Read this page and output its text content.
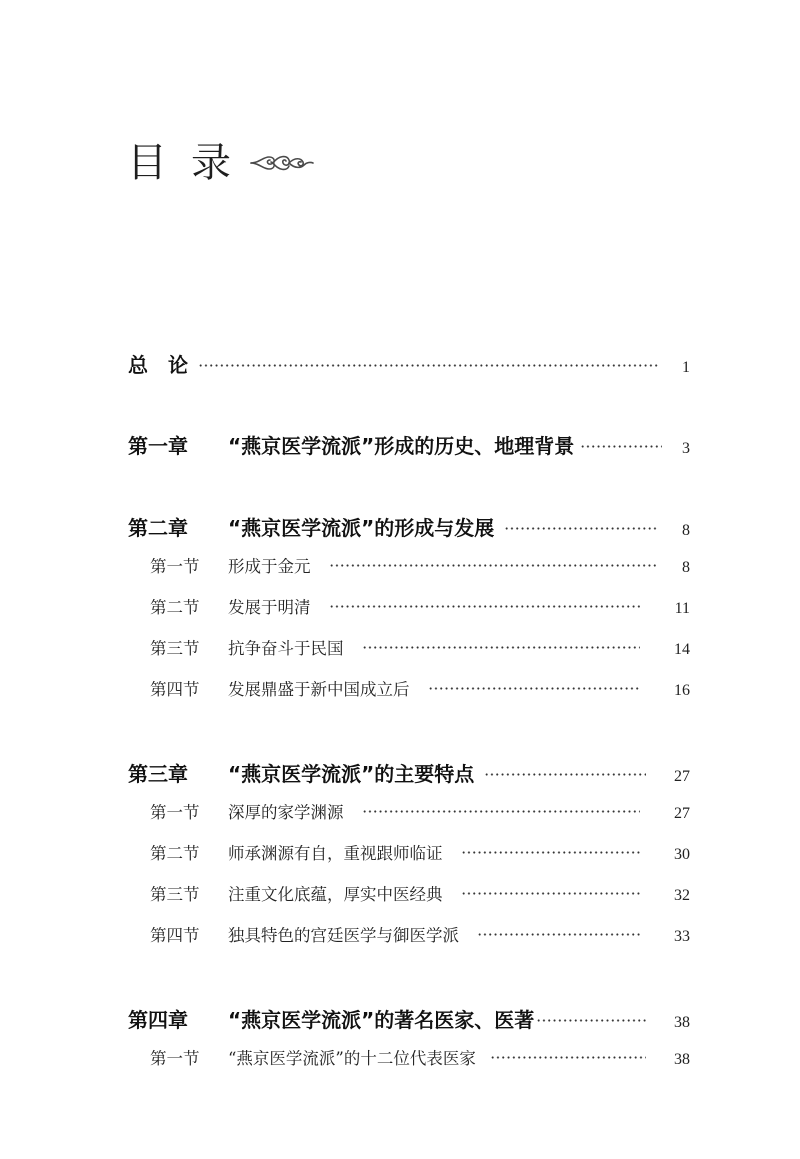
目录
总　论	1
第一章	“燕京医学流派”形成的历史、地理背景	3
第二章	“燕京医学流派”的形成与发展	8
第一节	形成于金元	8
第二节	发展于明清	11
第三节	抗争奋斗于民国	14
第四节	发展鼎盛于新中国成立后	16
第三章	“燕京医学流派”的主要特点	27
第一节	深厚的家学渊源	27
第二节	师承渊源有自，重视跟师临证	30
第三节	注重文化底蕴，厚实中医经典	32
第四节	独具特色的宫廷医学与御医学派	33
第四章	“燕京医学流派”的著名医家、医著	38
第一节	“燕京医学流派”的十二位代表医家	38
